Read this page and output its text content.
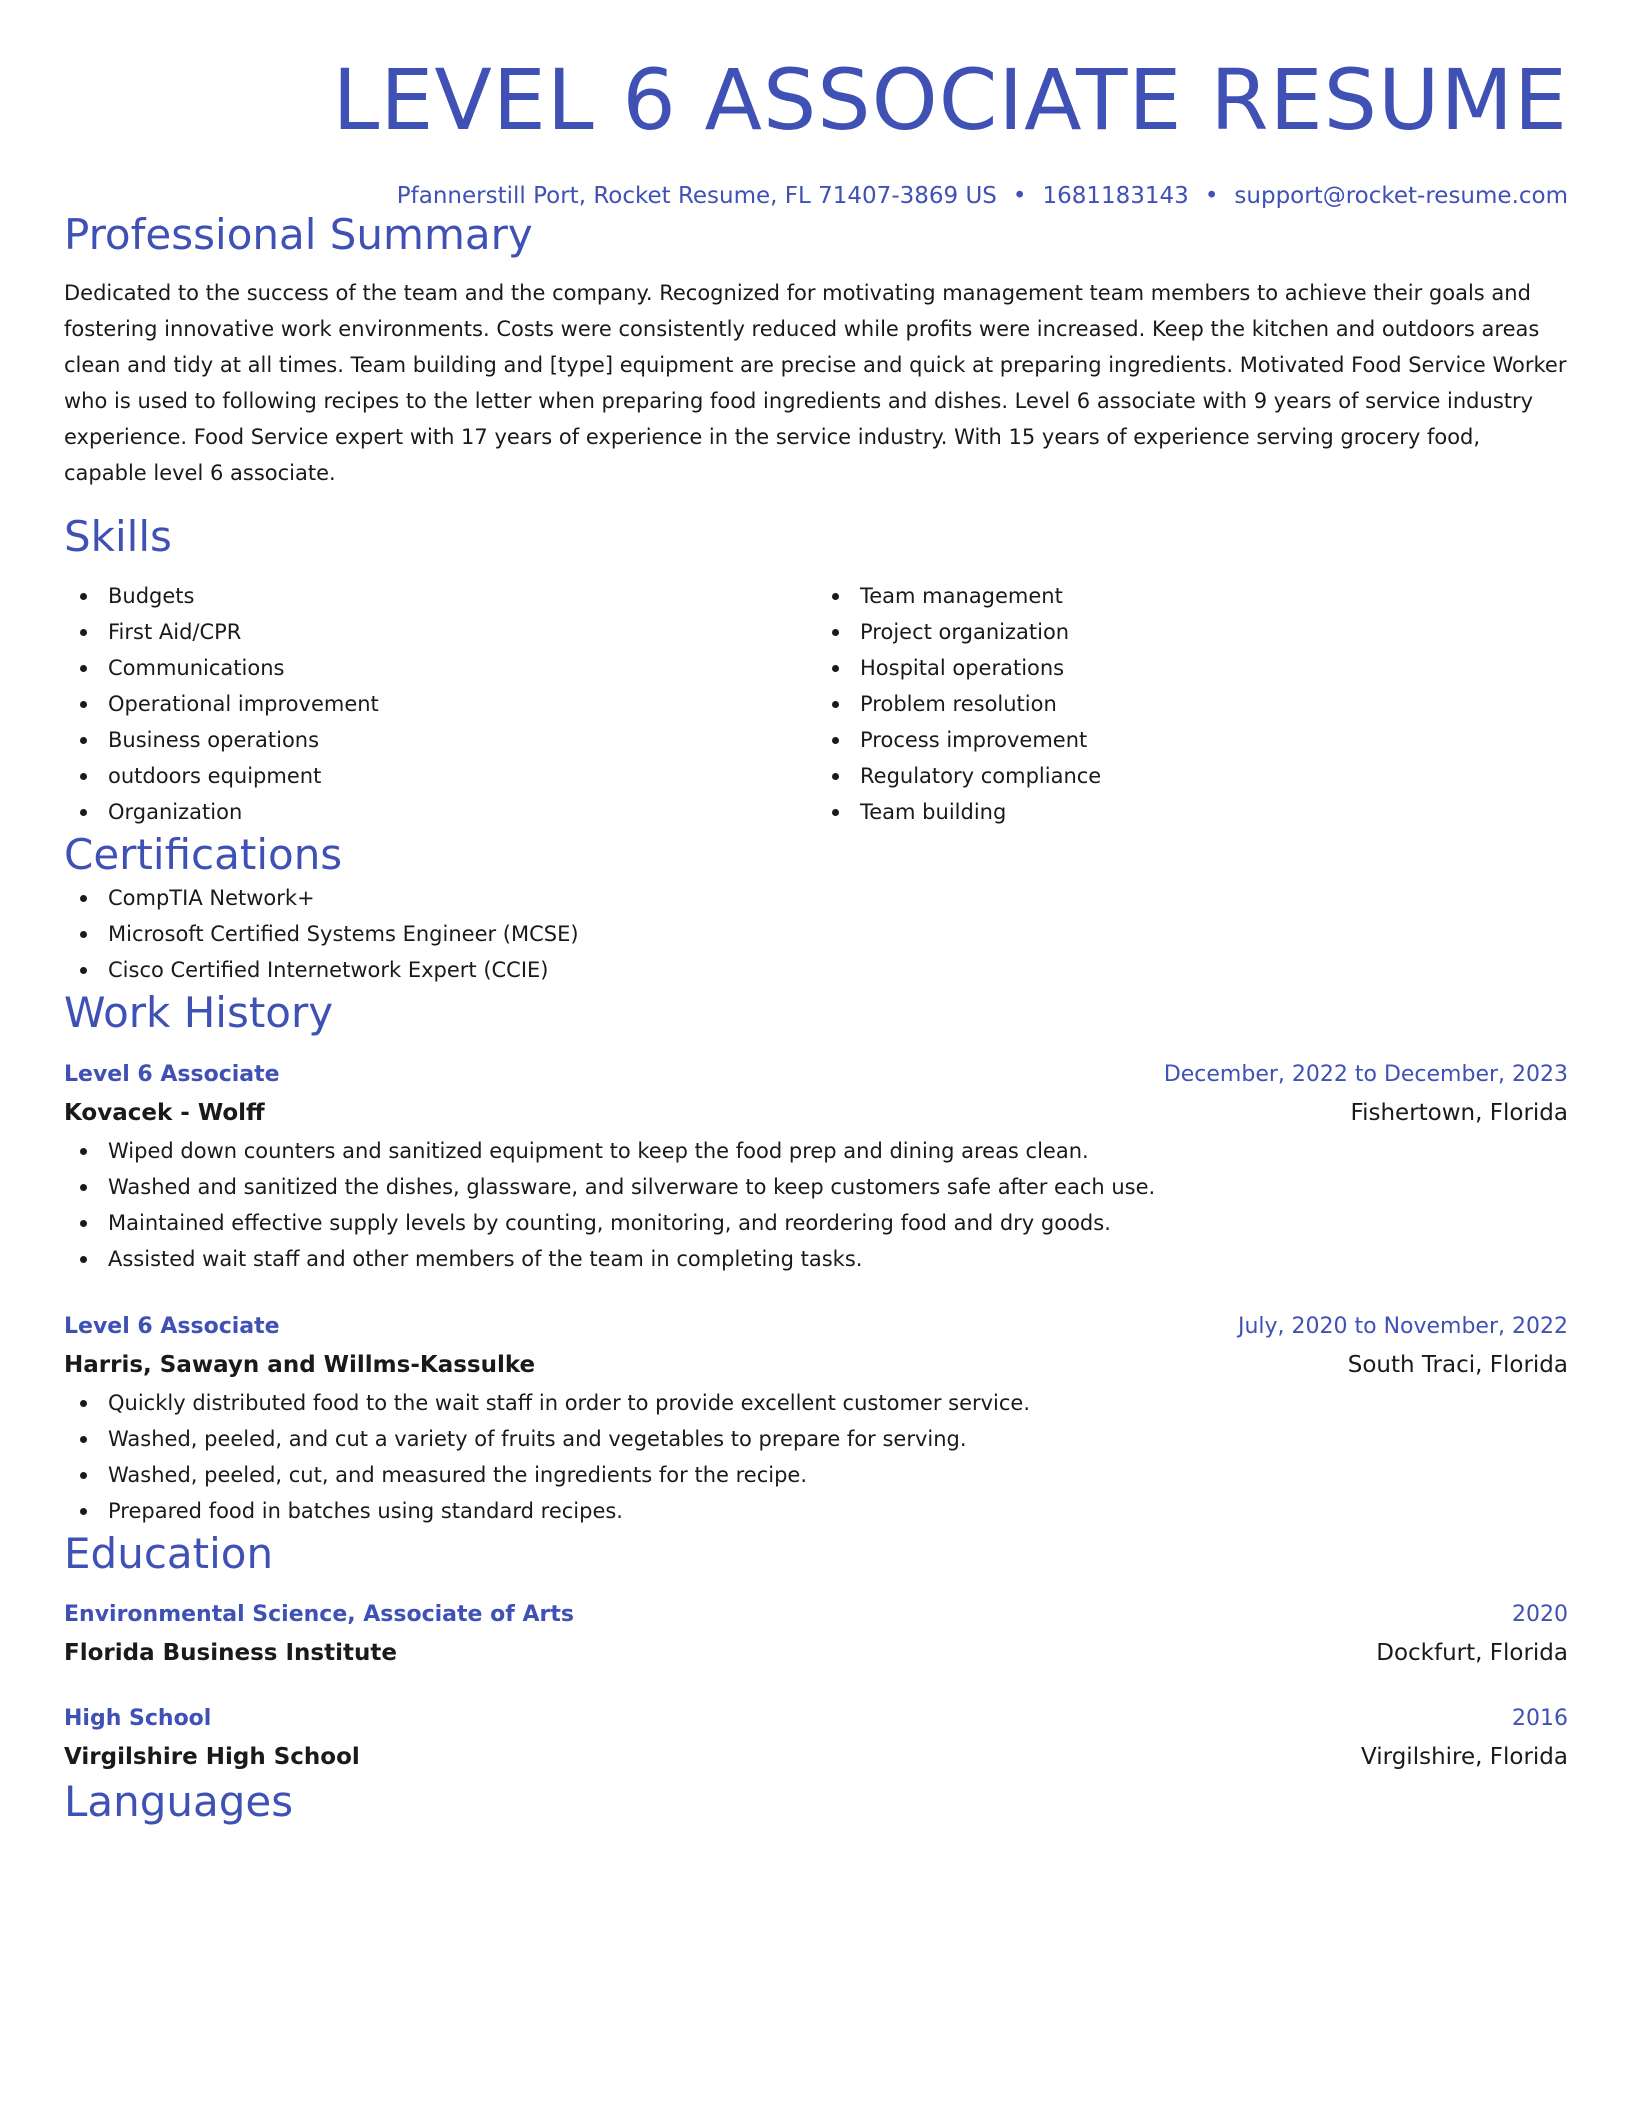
LEVEL 6 ASSOCIATE RESUME
Pfannerstill Port, Rocket Resume, FL 71407-3869 US • 1681183143 • support@rocket-resume.com
Professional Summary

Dedicated to the success of the team and the company. Recognized for motivating management team members to achieve their goals and fostering innovative work environments. Costs were consistently reduced while profits were increased. Keep the kitchen and outdoors areas clean and tidy at all times. Team building and [type] equipment are precise and quick at preparing ingredients. Motivated Food Service Worker who is used to following recipes to the letter when preparing food ingredients and dishes. Level 6 associate with 9 years of service industry experience. Food Service expert with 17 years of experience in the service industry. With 15 years of experience serving grocery food, capable level 6 associate.

Skills
Budgets
First Aid/CPR
Communications
Operational improvement
Business operations
outdoors equipment
Organization
Team management
Project organization
Hospital operations
Problem resolution
Process improvement
Regulatory compliance
Team building
Certifications
CompTIA Network+
Microsoft Certified Systems Engineer (MCSE)
Cisco Certified Internetwork Expert (CCIE)
Work History
Level 6 Associate	December, 2022 to December, 2023
Kovacek - Wolff	Fishertown, Florida
Wiped down counters and sanitized equipment to keep the food prep and dining areas clean.
Washed and sanitized the dishes, glassware, and silverware to keep customers safe after each use.
Maintained effective supply levels by counting, monitoring, and reordering food and dry goods.
Assisted wait staff and other members of the team in completing tasks.
Level 6 Associate	July, 2020 to November, 2022
Harris, Sawayn and Willms-Kassulke	South Traci, Florida
Quickly distributed food to the wait staff in order to provide excellent customer service.
Washed, peeled, and cut a variety of fruits and vegetables to prepare for serving.
Washed, peeled, cut, and measured the ingredients for the recipe.
Prepared food in batches using standard recipes.
Education
Environmental Science, Associate of Arts	2020
Florida Business Institute	Dockfurt, Florida
High School	2016
Virgilshire High School	Virgilshire, Florida
Languages
